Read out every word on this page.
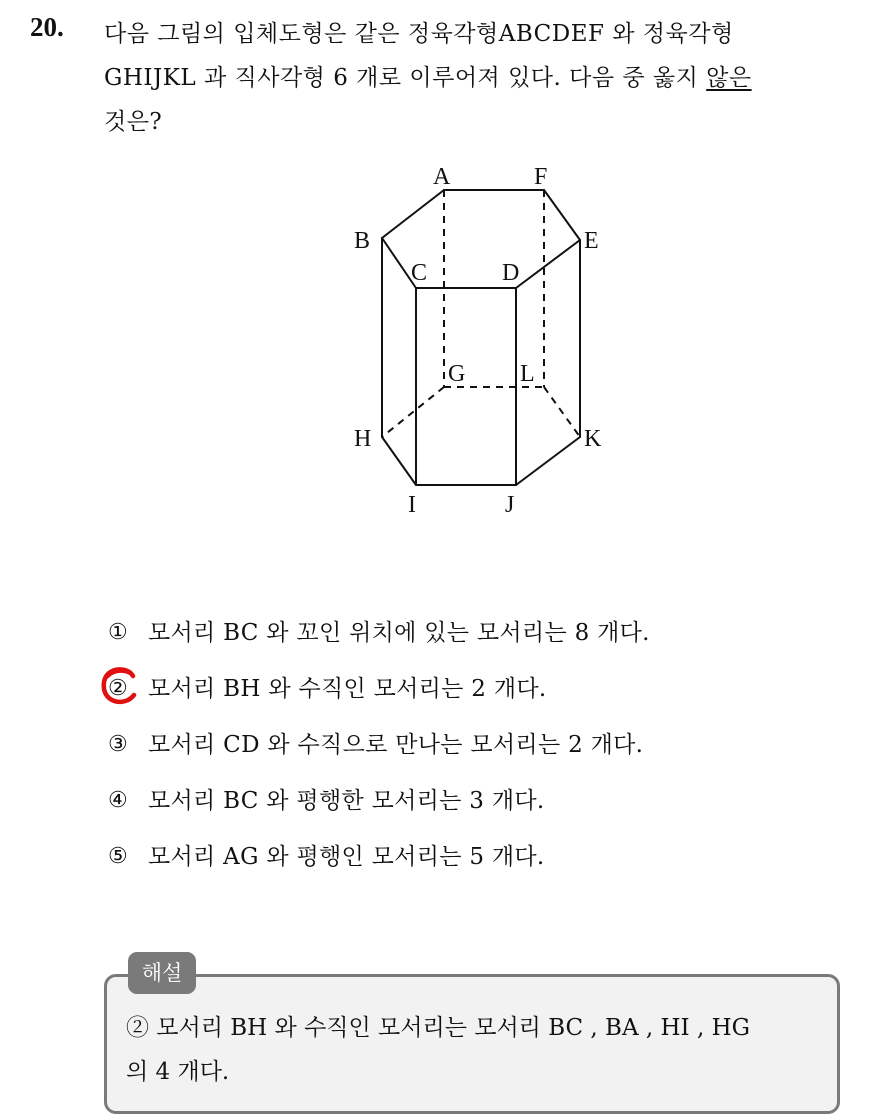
20. 다음 그림의 입체도형은 같은 정육각형ABCDEF 와 정육각형

GHIJKL 과 직사각형 6 개로 이루어져 있다. 다음 중 옳지 않은

것은?

A	F
B	E
C	D
G L
H	K
I	J
① 모서리 BC 와 꼬인 위치에 있는 모서리는 8 개다.
② 모서리 BH 와 수직인 모서리는 2 개다.
③ 모서리 CD 와 수직으로 만나는 모서리는 2 개다.
④ 모서리 BC 와 평행한 모서리는 3 개다.
⑤ 모서리 AG 와 평행인 모서리는 5 개다.
해설

② 모서리 BH 와 수직인 모서리는 모서리 BC , BA , HI , HG

의 4 개다.
